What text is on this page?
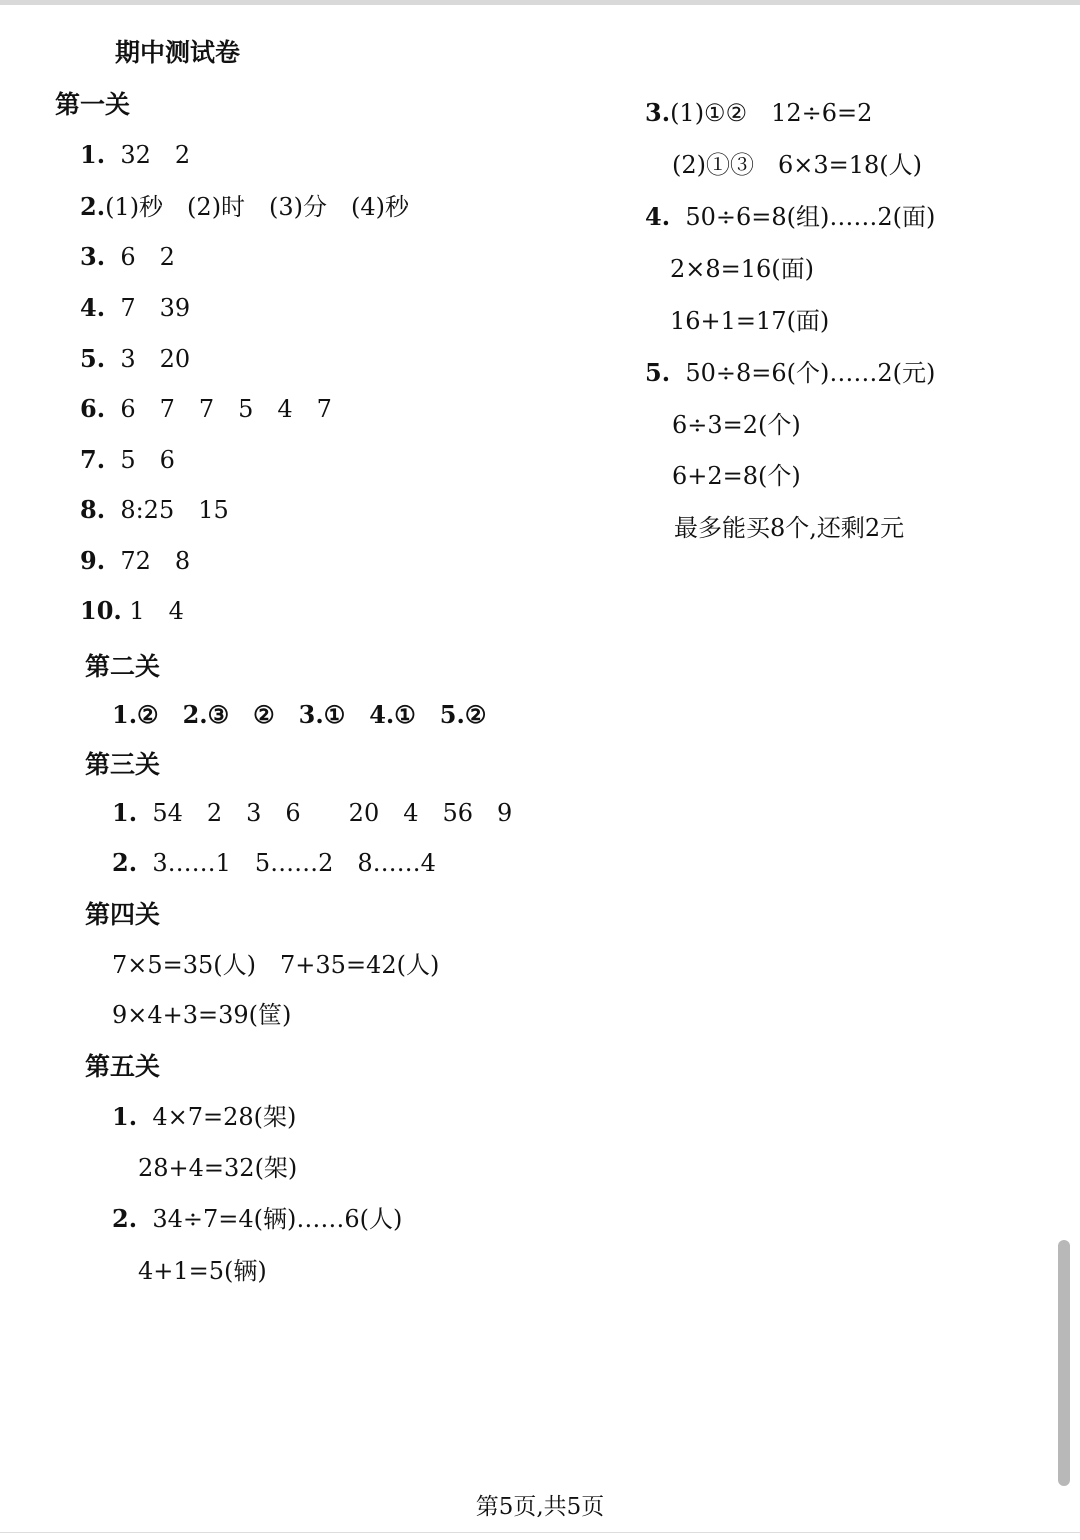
期中测试卷
第一关
1. 32　2
2.(1)秒　(2)时　(3)分　(4)秒
3. 6　2
4. 7　39
5. 3　20
6. 6　7　7　5　4　7
7. 5　6
8. 8:25　15
9. 72　8
10. 1　4
第二关
1.②　2.③　②　3.①　4.①　5.②
第三关
1. 54　2　3　6　　20　4　56　9
2. 3……1　5……2　8……4
第四关
7×5=35(人)　7+35=42(人)
9×4+3=39(筐)
第五关
1. 4×7=28(架)
28+4=32(架)
2. 34÷7=4(辆)……6(人)
4+1=5(辆)
3.(1)①②　12÷6=2
(2)①③　6×3=18(人)
4. 50÷6=8(组)……2(面)
2×8=16(面)
16+1=17(面)
5. 50÷8=6(个)……2(元)
6÷3=2(个)
6+2=8(个)
最多能买8个,还剩2元
第5页,共5页
